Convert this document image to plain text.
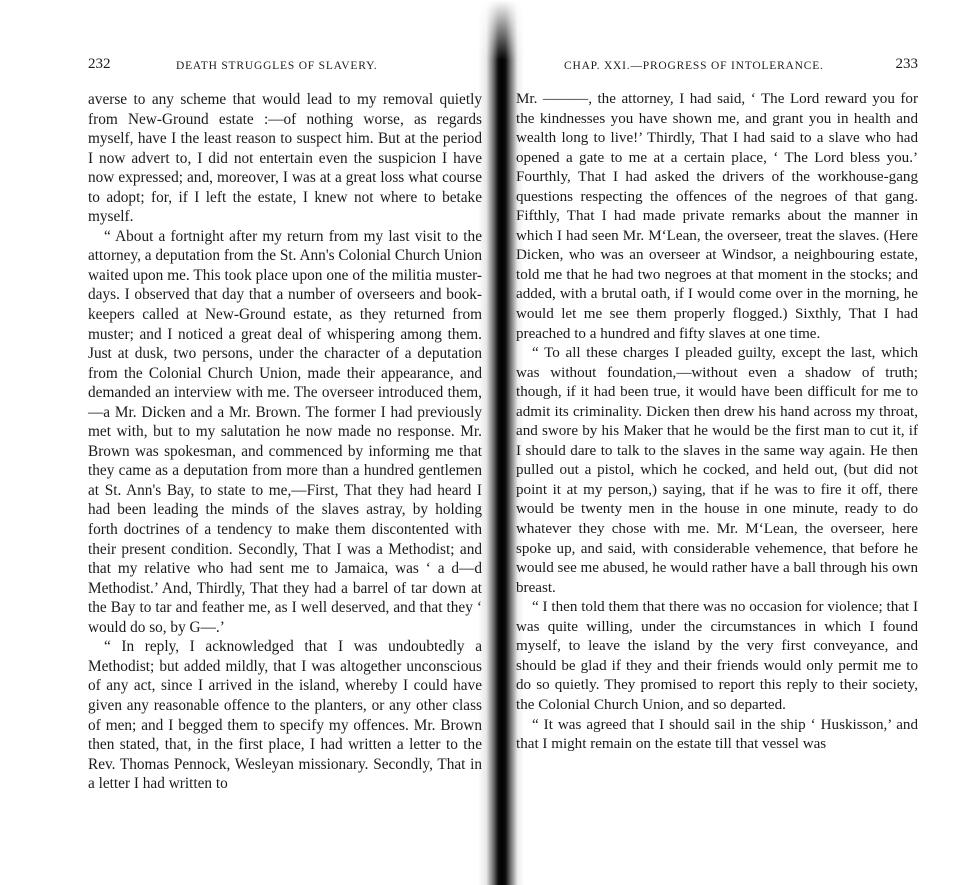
232	DEATH STRUGGLES OF SLAVERY.

averse to any scheme that would lead to my removal quietly from New-Ground estate :—of nothing worse, as regards myself, have I the least reason to suspect him. But at the period I now advert to, I did not entertain even the suspicion I have now expressed; and, moreover, I was at a great loss what course to adopt; for, if I left the estate, I knew not where to betake myself.

“ About a fortnight after my return from my last visit to the attorney, a deputation from the St. Ann's Colonial Church Union waited upon me. This took place upon one of the militia muster-days. I observed that day that a number of overseers and book-keepers called at New-Ground estate, as they returned from muster; and I noticed a great deal of whispering among them. Just at dusk, two persons, under the character of a deputation from the Colonial Church Union, made their appearance, and demanded an interview with me. The overseer introduced them,—a Mr. Dicken and a Mr. Brown. The former I had previously met with, but to my salutation he now made no response. Mr. Brown was spokesman, and commenced by informing me that they came as a deputation from more than a hundred gentlemen at St. Ann's Bay, to state to me,—First, That they had heard I had been leading the minds of the slaves astray, by holding forth doctrines of a tendency to make them discontented with their present condition. Secondly, That I was a Methodist; and that my relative who had sent me to Jamaica, was ‘ a d—d Methodist.’ And, Thirdly, That they had a barrel of tar down at the Bay to tar and feather me, as I well deserved, and that they ‘ would do so, by G—.’

“ In reply, I acknowledged that I was undoubtedly a Methodist; but added mildly, that I was altogether unconscious of any act, since I arrived in the island, whereby I could have given any reasonable offence to the planters, or any other class of men; and I begged them to specify my offences. Mr. Brown then stated, that, in the first place, I had written a letter to the Rev. Thomas Pennock, Wesleyan missionary. Secondly, That in a letter I had written to

CHAP. XXI.—PROGRESS OF INTOLERANCE.	233

Mr. ———, the attorney, I had said, ‘ The Lord reward you for the kindnesses you have shown me, and grant you in health and wealth long to live!’ Thirdly, That I had said to a slave who had opened a gate to me at a certain place, ‘ The Lord bless you.’ Fourthly, That I had asked the drivers of the workhouse-gang questions respecting the offences of the negroes of that gang. Fifthly, That I had made private remarks about the manner in which I had seen Mr. M‘Lean, the overseer, treat the slaves. (Here Dicken, who was an overseer at Windsor, a neighbouring estate, told me that he had two negroes at that moment in the stocks; and added, with a brutal oath, if I would come over in the morning, he would let me see them properly flogged.) Sixthly, That I had preached to a hundred and fifty slaves at one time.

“ To all these charges I pleaded guilty, except the last, which was without foundation,—without even a shadow of truth; though, if it had been true, it would have been difficult for me to admit its criminality. Dicken then drew his hand across my throat, and swore by his Maker that he would be the first man to cut it, if I should dare to talk to the slaves in the same way again. He then pulled out a pistol, which he cocked, and held out, (but did not point it at my person,) saying, that if he was to fire it off, there would be twenty men in the house in one minute, ready to do whatever they chose with me. Mr. M‘Lean, the overseer, here spoke up, and said, with considerable vehemence, that before he would see me abused, he would rather have a ball through his own breast.

“ I then told them that there was no occasion for violence; that I was quite willing, under the circumstances in which I found myself, to leave the island by the very first conveyance, and should be glad if they and their friends would only permit me to do so quietly. They promised to report this reply to their society, the Colonial Church Union, and so departed.

“ It was agreed that I should sail in the ship ‘ Huskisson,’ and that I might remain on the estate till that vessel was
